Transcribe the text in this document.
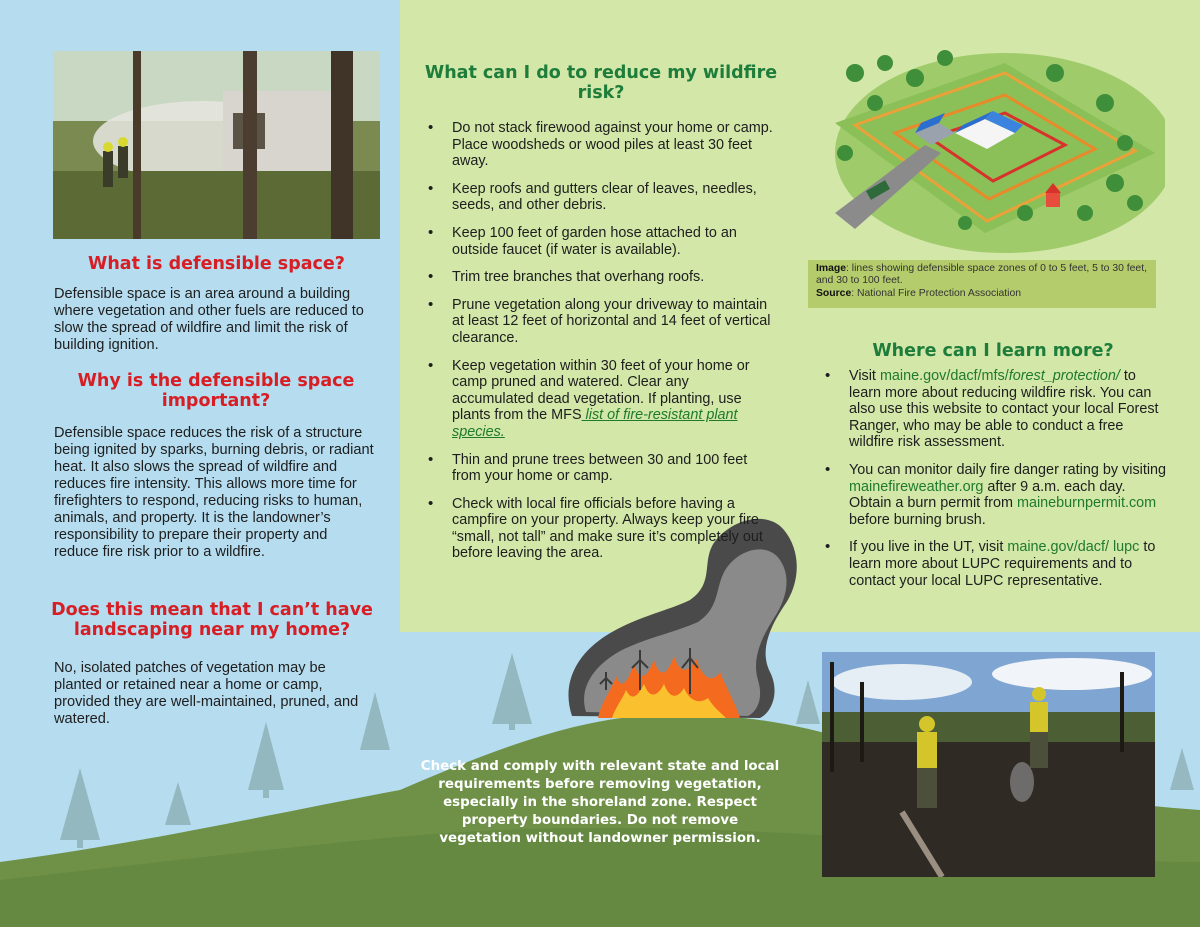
What is defensible space?

Defensible space is an area around a building where vegetation and other fuels are reduced to slow the spread of wildfire and limit the risk of building ignition.

Why is the defensible space important?

Defensible space reduces the risk of a structure being ignited by sparks, burning debris, or radiant heat. It also slows the spread of wildfire and reduces fire intensity. This allows more time for firefighters to respond, reducing risks to human, animals, and property. It is the landowner’s responsibility to prepare their property and reduce fire risk prior to a wildfire.

Does this mean that I can’t have landscaping near my home?

No, isolated patches of vegetation may be planted or retained near a home or camp, provided they are well-maintained, pruned, and watered.

What can I do to reduce my wildfire risk?
• Do not stack firewood against your home or camp. Place woodsheds or wood piles at least 30 feet away.
• Keep roofs and gutters clear of leaves, needles, seeds, and other debris.
• Keep 100 feet of garden hose attached to an outside faucet (if water is available).
• Trim tree branches that overhang roofs.
• Prune vegetation along your driveway to maintain at least 12 feet of horizontal and 14 feet of vertical clearance.
• Keep vegetation within 30 feet of your home or camp pruned and watered. Clear any accumulated dead vegetation. If planting, use plants from the MFS list of fire-resistant plant species.
• Thin and prune trees between 30 and 100 feet from your home or camp.
• Check with local fire officials before having a campfire on your property. Always keep your fire “small, not tall” and make sure it’s completely out before leaving the area.

Check and comply with relevant state and local requirements before removing vegetation, especially in the shoreland zone. Respect property boundaries. Do not remove vegetation without landowner permission.

Image: lines showing defensible space zones of 0 to 5 feet, 5 to 30 feet, and 30 to 100 feet.
Source: National Fire Protection Association
Where can I learn more?
• Visit maine.gov/dacf/mfs/forest_protection/ to learn more about reducing wildfire risk. You can also use this website to contact your local Forest Ranger, who may be able to conduct a free wildfire risk assessment.
• You can monitor daily fire danger rating by visiting mainefireweather.org after 9 a.m. each day. Obtain a burn permit from maineburnpermit.com before burning brush.
• If you live in the UT, visit maine.gov/dacf/ lupc to learn more about LUPC requirements and to contact your local LUPC representative.
